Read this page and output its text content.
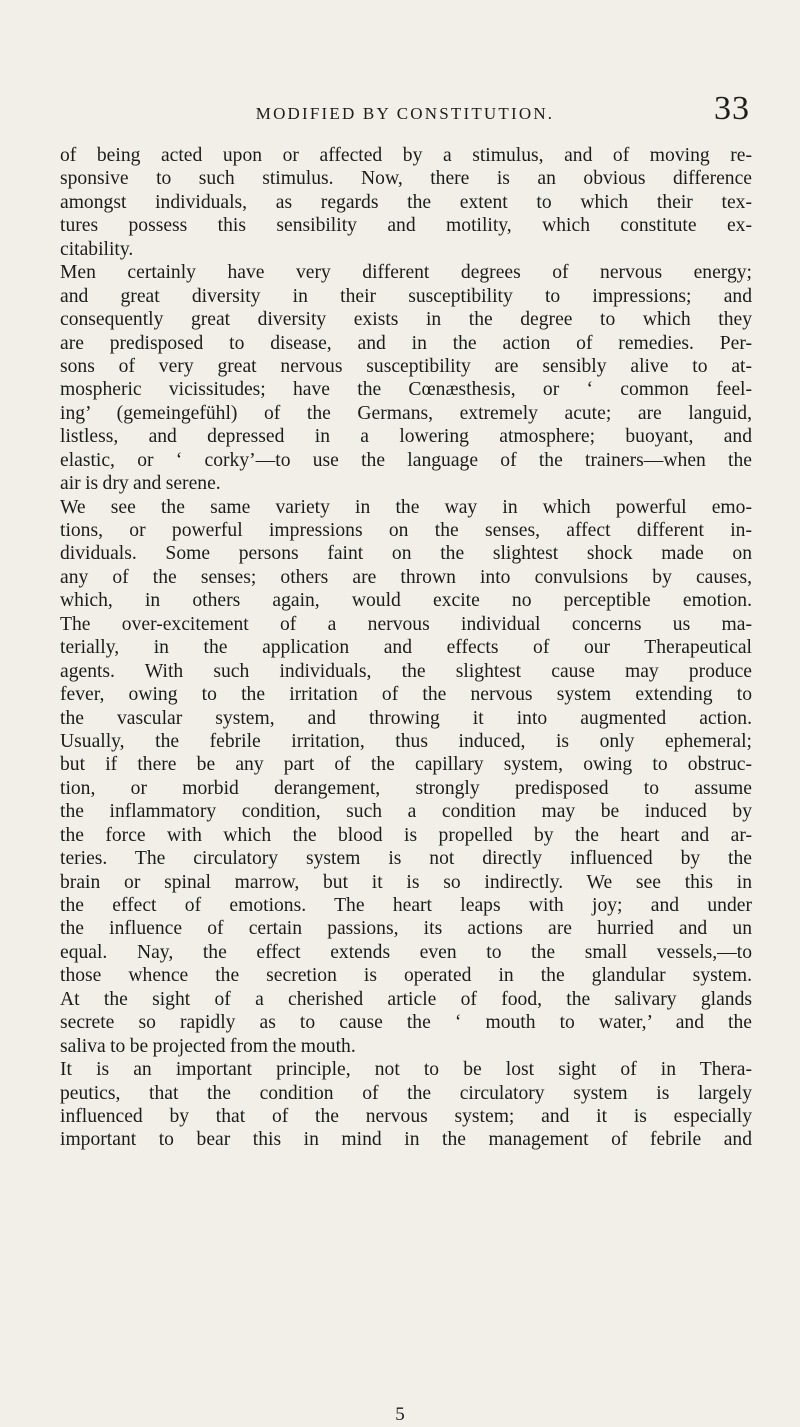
MODIFIED BY CONSTITUTION.	33
of being acted upon or affected by a stimulus, and of moving re-
sponsive to such stimulus. Now, there is an obvious difference
amongst individuals, as regards the extent to which their tex-
tures possess this sensibility and motility, which constitute ex-
citability.
Men certainly have very different degrees of nervous energy;
and great diversity in their susceptibility to impressions; and
consequently great diversity exists in the degree to which they
are predisposed to disease, and in the action of remedies. Per-
sons of very great nervous susceptibility are sensibly alive to at-
mospheric vicissitudes; have the Cœnæsthesis, or ‘ common feel-
ing’ (gemeingefühl) of the Germans, extremely acute; are languid,
listless, and depressed in a lowering atmosphere; buoyant, and
elastic, or ‘ corky’—to use the language of the trainers—when the
air is dry and serene.
We see the same variety in the way in which powerful emo-
tions, or powerful impressions on the senses, affect different in-
dividuals. Some persons faint on the slightest shock made on
any of the senses; others are thrown into convulsions by causes,
which, in others again, would excite no perceptible emotion.
The over-excitement of a nervous individual concerns us ma-
terially, in the application and effects of our Therapeutical
agents. With such individuals, the slightest cause may produce
fever, owing to the irritation of the nervous system extending to
the vascular system, and throwing it into augmented action.
Usually, the febrile irritation, thus induced, is only ephemeral;
but if there be any part of the capillary system, owing to obstruc-
tion, or morbid derangement, strongly predisposed to assume
the inflammatory condition, such a condition may be induced by
the force with which the blood is propelled by the heart and ar-
teries. The circulatory system is not directly influenced by the
brain or spinal marrow, but it is so indirectly. We see this in
the effect of emotions. The heart leaps with joy; and under
the influence of certain passions, its actions are hurried and un
equal. Nay, the effect extends even to the small vessels,—to
those whence the secretion is operated in the glandular system.
At the sight of a cherished article of food, the salivary glands
secrete so rapidly as to cause the ‘ mouth to water,’ and the
saliva to be projected from the mouth.
It is an important principle, not to be lost sight of in Thera-
peutics, that the condition of the circulatory system is largely
influenced by that of the nervous system; and it is especially
important to bear this in mind in the management of febrile and
5
